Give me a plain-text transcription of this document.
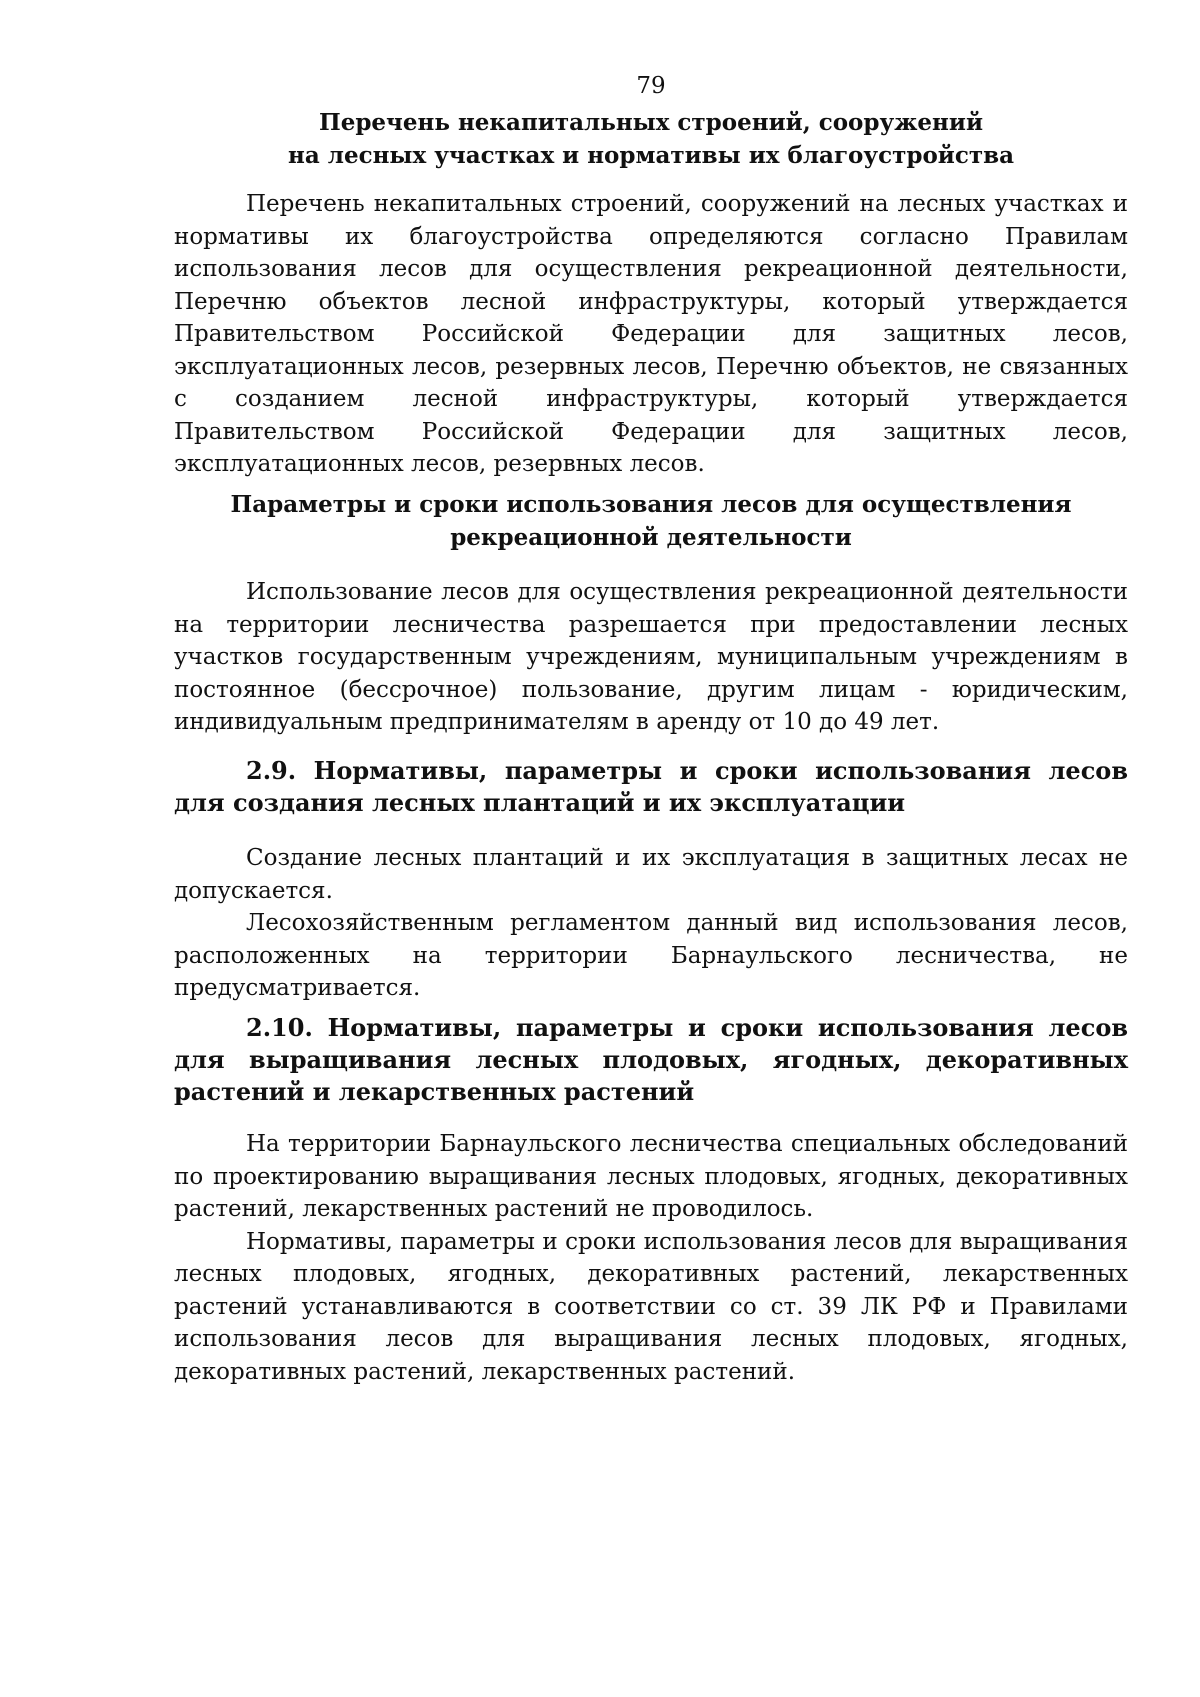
79
Перечень некапитальных строений, сооружений
на лесных участках и нормативы их благоустройства

Перечень некапитальных строений, сооружений на лесных участках и нормативы их благоустройства определяются согласно Правилам использования лесов для осуществления рекреационной деятельности, Перечню объектов лесной инфраструктуры, который утверждается Правительством Российской Федерации для защитных лесов, эксплуатационных лесов, резервных лесов, Перечню объектов, не связанных с созданием лесной инфраструктуры, который утверждается Правительством Российской Федерации для защитных лесов, эксплуатационных лесов, резервных лесов.

Параметры и сроки использования лесов для осуществления
рекреационной деятельности

Использование лесов для осуществления рекреационной деятельности на территории лесничества разрешается при предоставлении лесных участков государственным учреждениям, муниципальным учреждениям в постоянное (бессрочное) пользование, другим лицам - юридическим, индивидуальным предпринимателям в аренду от 10 до 49 лет.

2.9. Нормативы, параметры и сроки использования лесов для создания лесных плантаций и их эксплуатации

Создание лесных плантаций и их эксплуатация в защитных лесах не допускается.

Лесохозяйственным регламентом данный вид использования лесов, расположенных на территории Барнаульского лесничества, не предусматривается.

2.10. Нормативы, параметры и сроки использования лесов для выращивания лесных плодовых, ягодных, декоративных растений и лекарственных растений

На территории Барнаульского лесничества специальных обследований по проектированию выращивания лесных плодовых, ягодных, декоративных растений, лекарственных растений не проводилось.

Нормативы, параметры и сроки использования лесов для выращивания лесных плодовых, ягодных, декоративных растений, лекарственных растений устанавливаются в соответствии со ст. 39 ЛК РФ и Правилами использования лесов для выращивания лесных плодовых, ягодных, декоративных растений, лекарственных растений.
